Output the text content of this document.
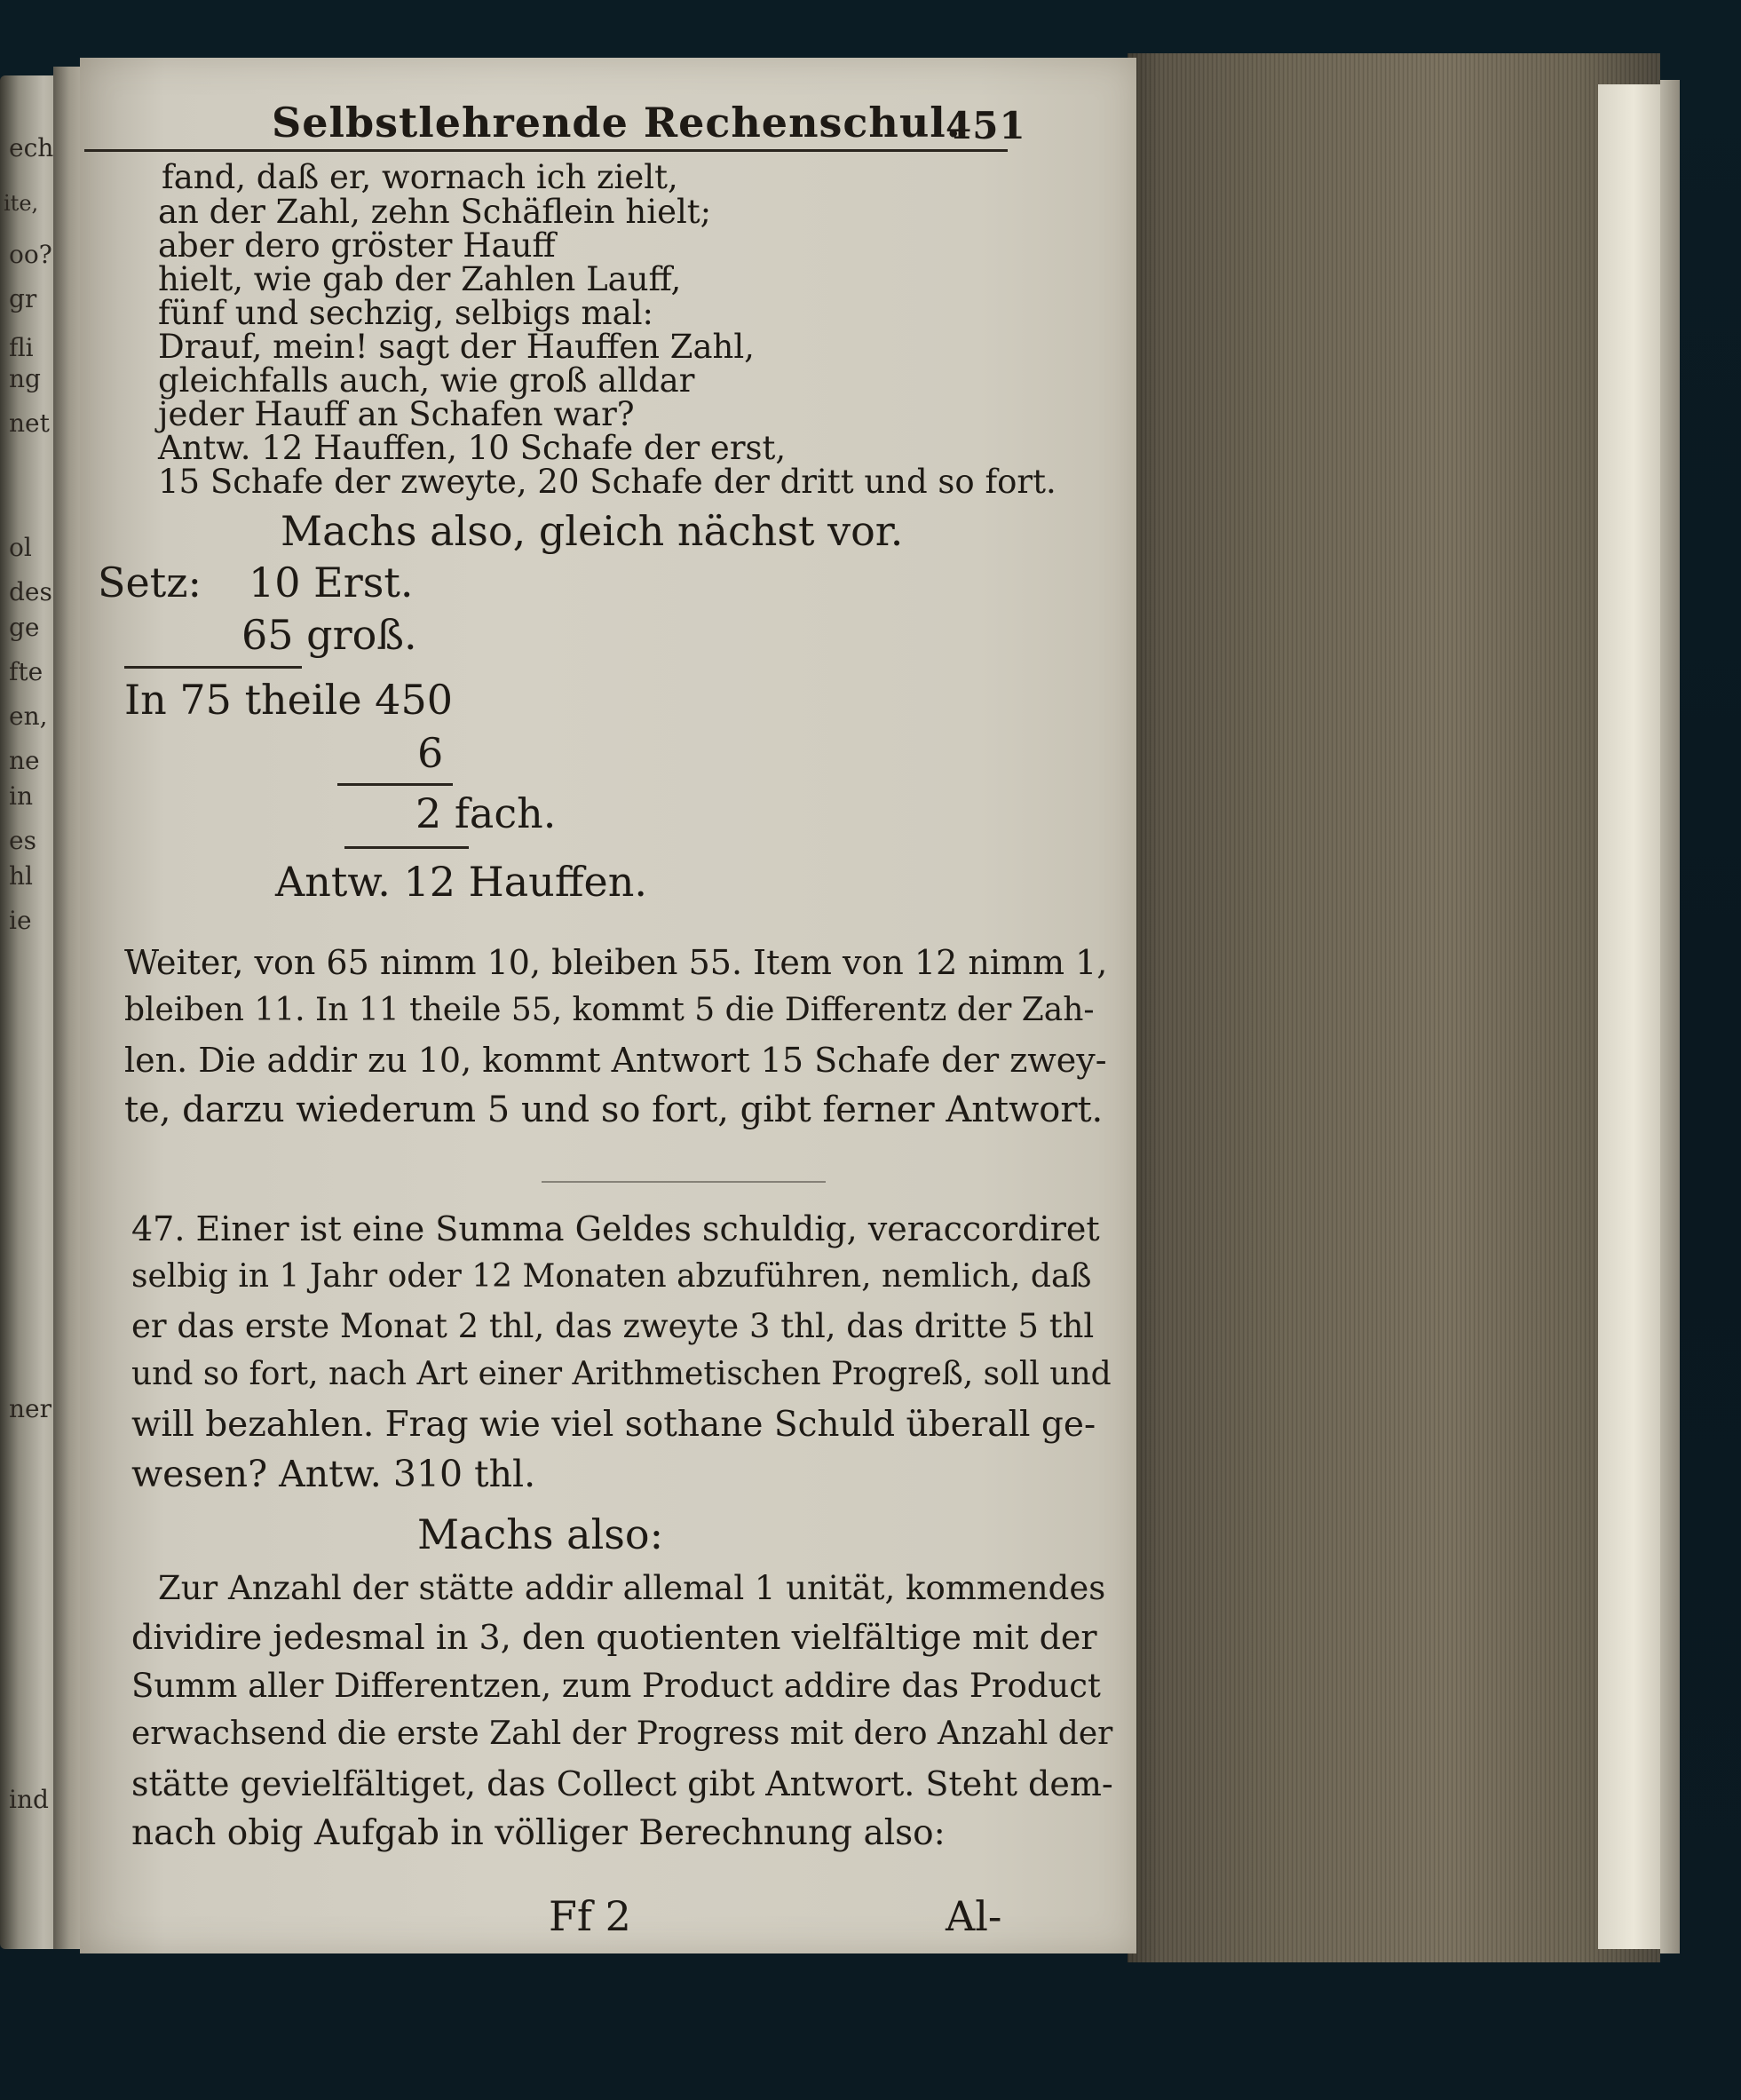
ech
ite,
oo?
gr
fli
ng
net
ol
des
ge
fte
en,
ne
in
es
hl
ie
ner
ind
Selbstlehrende Rechenschul.
451
fand, daß er, wornach ich zielt,
an der Zahl, zehn Schäflein hielt;
aber dero gröster Hauff
hielt, wie gab der Zahlen Lauff,
fünf und sechzig, selbigs mal:
Drauf, mein! sagt der Hauffen Zahl,
gleichfalls auch, wie groß alldar
jeder Hauff an Schafen war?
Antw. 12 Hauffen, 10 Schafe der erst,
15 Schafe der zweyte, 20 Schafe der dritt und so fort.
Machs also, gleich nächst vor.
Setz: 10 Erst.
65 groß.
In 75 theile 450
6
2 fach.
Antw. 12 Hauffen.
Weiter, von 65 nimm 10, bleiben 55. Item von 12 nimm 1,
bleiben 11. In 11 theile 55, kommt 5 die Differentz der Zah-
len. Die addir zu 10, kommt Antwort 15 Schafe der zwey-
te, darzu wiederum 5 und so fort, gibt ferner Antwort.
47. Einer ist eine Summa Geldes schuldig, veraccordiret
selbig in 1 Jahr oder 12 Monaten abzuführen, nemlich, daß
er das erste Monat 2 thl, das zweyte 3 thl, das dritte 5 thl
und so fort, nach Art einer Arithmetischen Progreß, soll und
will bezahlen. Frag wie viel sothane Schuld überall ge-
wesen? Antw. 310 thl.
Machs also:
Zur Anzahl der stätte addir allemal 1 unität, kommendes
dividire jedesmal in 3, den quotienten vielfältige mit der
Summ aller Differentzen, zum Product addire das Product
erwachsend die erste Zahl der Progress mit dero Anzahl der
stätte gevielfältiget, das Collect gibt Antwort. Steht dem-
nach obig Aufgab in völliger Berechnung also:
Ff 2	Al-
